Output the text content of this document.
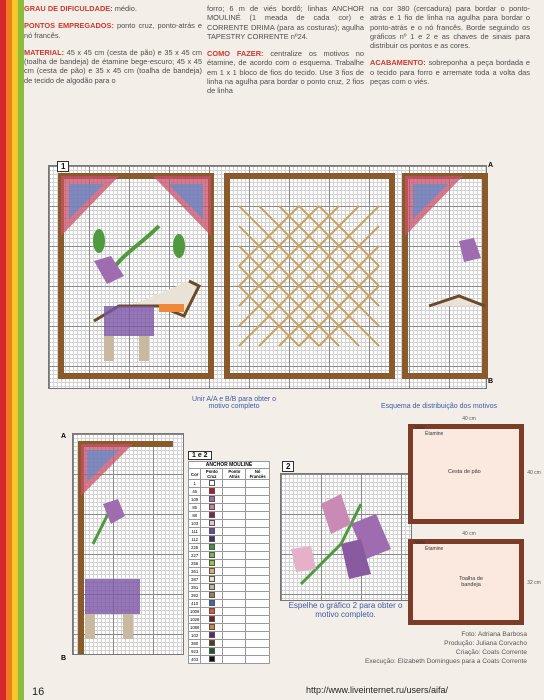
GRAU DE DIFICULDADE: médio.

PONTOS EMPREGADOS: ponto cruz, ponto-atrás e nó francês.

MATERIAL: 45 x 45 cm (cesta de pão) e 35 x 45 cm (toalha de bandeja) de étamine bege-escuro; 45 x 45 cm (cesta de pão) e 35 x 45 cm (toalha de bandeja) de tecido de algodão para o

forro; 6 m de viés bordô; linhas ANCHOR MOULINÉ (1 meada de cada cor) e CORRENTE DRIMA (para as costuras); agulha TAPESTRY CORRENTE nº24.

COMO FAZER: centralize os motivos no étamine, de acordo com o esquema. Trabalhe em 1 x 1 bloco de fios do tecido. Use 3 fios de linha na agulha para bordar o ponto cruz, 2 fios de linha

na cor 380 (cercadura) para bordar o ponto-atrás e 1 fio de linha na agulha para bordar o ponto-atrás e o nó francês. Borde seguindo os gráficos nº 1 e 2 e as chaves de sinais para distribuir os pontos e as cores.

ACABAMENTO: sobreponha a peça bordada e o tecido para forro e arremate toda a volta das peças com o viés.

1	A
B
Unir A/A e B/B para obter o motivo completo	Esquema de distribuição dos motivos
A
B
1 e 2
ANCHOR MOULINÉ			
Cor	Ponto Cruz	Ponto Atrás	Nó Francês
1			
46			
109			
85			
88			
103			
111			
112			
225			
227			
256			
361			
387			
391			
392			
410			
1006			
1028			
1086			
102			
380			
923			
403			
2
Espelhe o gráfico 2 para obter o motivo completo.
40 cm
Viés
Étamine
Cesta de pão	40 cm
40 cm
Viés
Étamine
Toalha de bandeja	32 cm
Foto: Adriana Barbosa
Produção: Juliana Corvacho
Criação: Coats Corrente
Execução: Elizabeth Domingues para a Coats Corrente
16	http://www.liveinternet.ru/users/aifa/
